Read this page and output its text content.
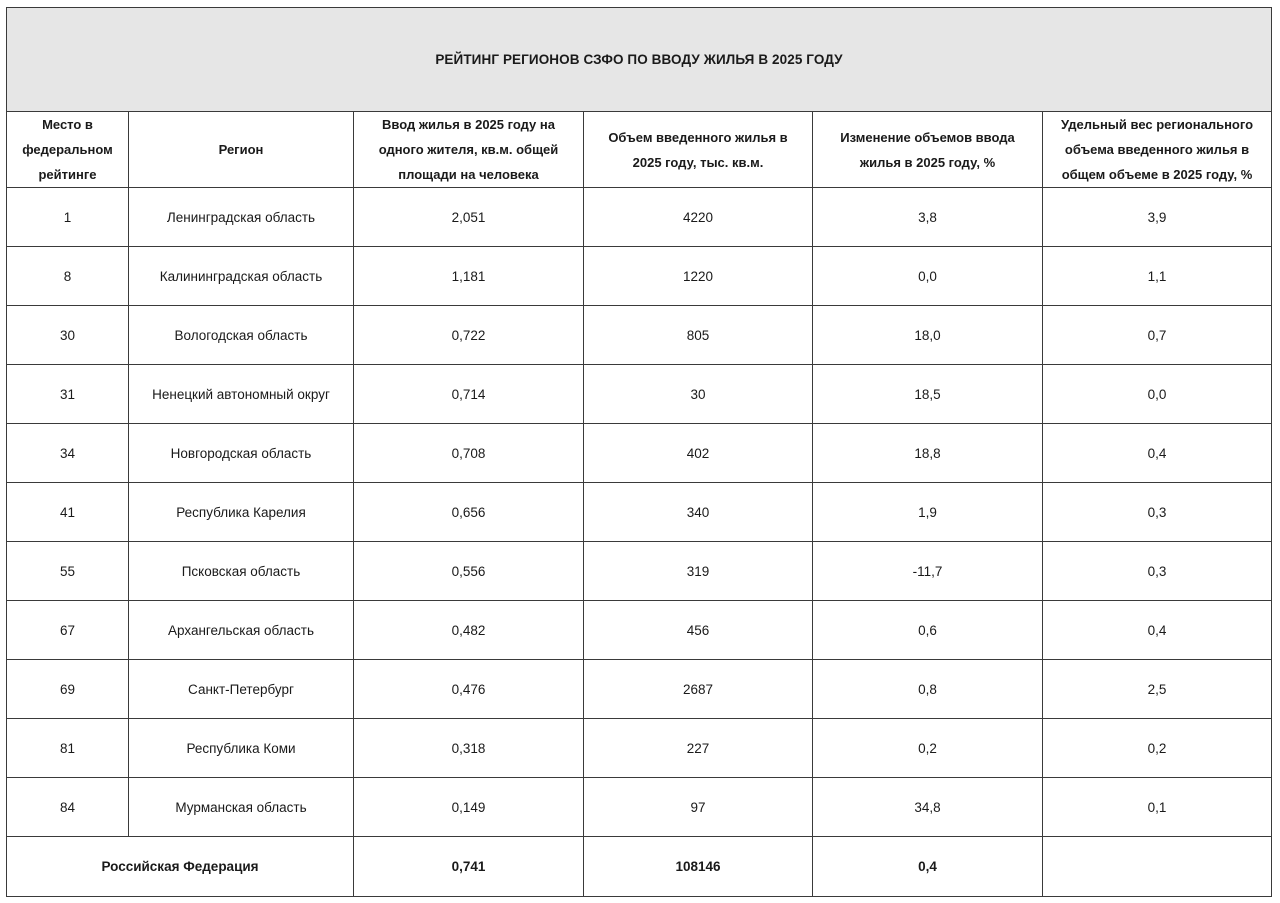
РЕЙТИНГ РЕГИОНОВ СЗФО ПО ВВОДУ ЖИЛЬЯ В 2025 ГОДУ					
Место в федеральном рейтинге	Регион	Ввод жилья в 2025 году на одного жителя, кв.м. общей площади на человека	Объем введенного жилья в 2025 году, тыс. кв.м.	Изменение объемов ввода жилья в 2025 году, %	Удельный вес регионального объема введенного жилья в общем объеме в 2025 году, %
1	Ленинградская область	2,051	4220	3,8	3,9
8	Калининградская область	1,181	1220	0,0	1,1
30	Вологодская область	0,722	805	18,0	0,7
31	Ненецкий автономный округ	0,714	30	18,5	0,0
34	Новгородская область	0,708	402	18,8	0,4
41	Республика Карелия	0,656	340	1,9	0,3
55	Псковская область	0,556	319	-11,7	0,3
67	Архангельская область	0,482	456	0,6	0,4
69	Санкт-Петербург	0,476	2687	0,8	2,5
81	Республика Коми	0,318	227	0,2	0,2
84	Мурманская область	0,149	97	34,8	0,1
Российская Федерация		0,741	108146	0,4	
